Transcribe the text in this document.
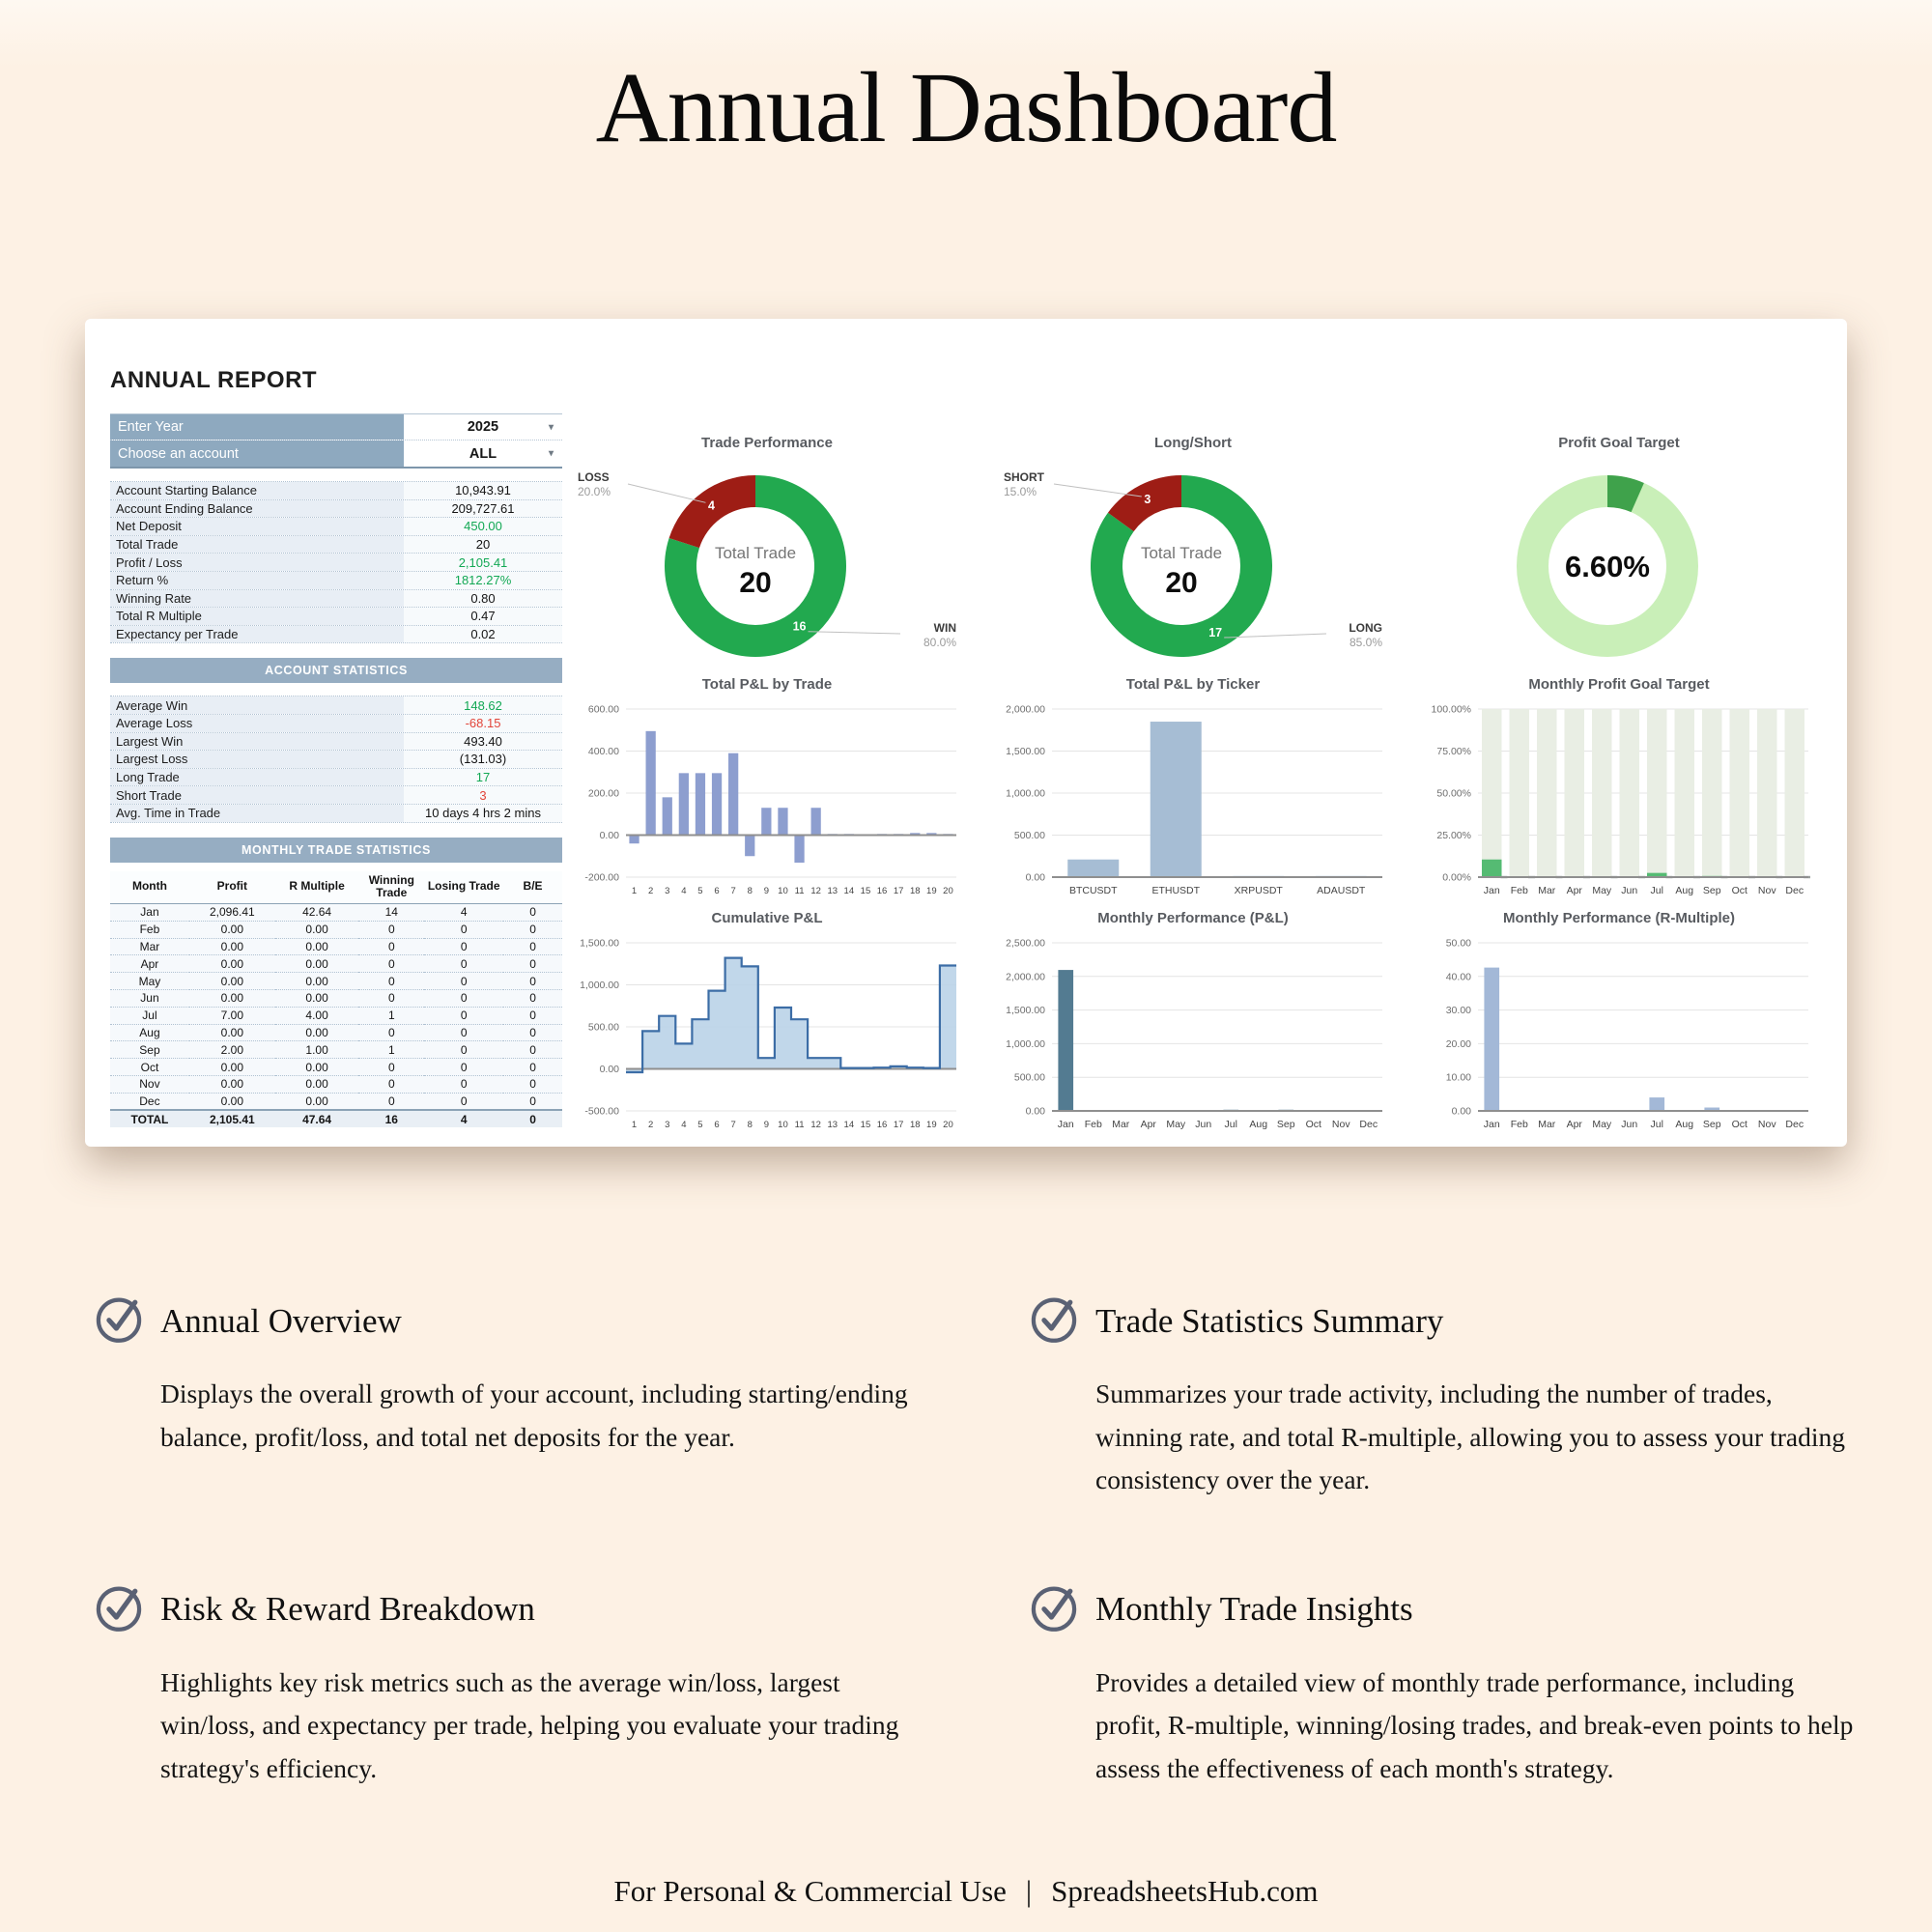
Annual Dashboard
ANNUAL REPORT
Enter Year	2025
▾
Choose an account	ALL
▾
Account Starting Balance	10,943.91
Account Ending Balance	209,727.61
Net Deposit	450.00
Total Trade	20
Profit / Loss	2,105.41
Return %	1812.27%
Winning Rate	0.80
Total R Multiple	0.47
Expectancy per Trade	0.02
ACCOUNT STATISTICS
Average Win	148.62
Average Loss	-68.15
Largest Win	493.40
Largest Loss	(131.03)
Long Trade	17
Short Trade	3
Avg. Time in Trade	10 days 4 hrs 2 mins
MONTHLY TRADE STATISTICS
Month	Profit	R Multiple	Winning Trade	Losing Trade	B/E
Jan	2,096.41	42.64	14	4	0
Feb	0.00	0.00	0	0	0
Mar	0.00	0.00	0	0	0
Apr	0.00	0.00	0	0	0
May	0.00	0.00	0	0	0
Jun	0.00	0.00	0	0	0
Jul	7.00	4.00	1	0	0
Aug	0.00	0.00	0	0	0
Sep	2.00	1.00	1	0	0
Oct	0.00	0.00	0	0	0
Nov	0.00	0.00	0	0	0
Dec	0.00	0.00	0	0	0
TOTAL	2,105.41	47.64	16	4	0
Trade Performance
WIN
80.0%
16
LOSS
20.0%
4
Total Trade
20
Long/Short
LONG
85.0%
17
SHORT
15.0%
3
Total Trade
20
Profit Goal Target
6.60%
Total P&L by Trade
-200.00
0.00
200.00
400.00
600.00
1 2 3 4 5 6 7 8 9 10 11 12 13 14 15 16 17 18 19 20
Total P&L by Ticker
0.00
500.00
1,000.00
1,500.00
2,000.00
BTCUSDT	ETHUSDT	XRPUSDT	ADAUSDT
Monthly Profit Goal Target
0.00%
25.00%
50.00%
75.00%
100.00%
Jan Feb Mar Apr May Jun Jul Aug Sep Oct Nov Dec
Cumulative P&L
-500.00
0.00
500.00
1,000.00
1,500.00
1 2 3 4 5 6 7 8 9 10 11 12 13 14 15 16 17 18 19 20
Monthly Performance (P&L)
0.00
500.00
1,000.00
1,500.00
2,000.00
2,500.00
Jan Feb Mar Apr May Jun Jul Aug Sep Oct Nov Dec
Monthly Performance (R-Multiple)
0.00
10.00
20.00
30.00
40.00
50.00
Jan Feb Mar Apr May Jun Jul Aug Sep Oct Nov Dec
Annual Overview
Displays the overall growth of your account, including starting/ending balance, profit/loss, and total net deposits for the year.
Trade Statistics Summary
Summarizes your trade activity, including the number of trades, winning rate, and total R-multiple, allowing you to assess your trading consistency over the year.
Risk & Reward Breakdown
Highlights key risk metrics such as the average win/loss, largest win/loss, and expectancy per trade, helping you evaluate your trading strategy's efficiency.
Monthly Trade Insights
Provides a detailed view of monthly trade performance, including profit, R-multiple, winning/losing trades, and break-even points to help assess the effectiveness of each month's strategy.
For Personal & Commercial Use | SpreadsheetsHub.com
